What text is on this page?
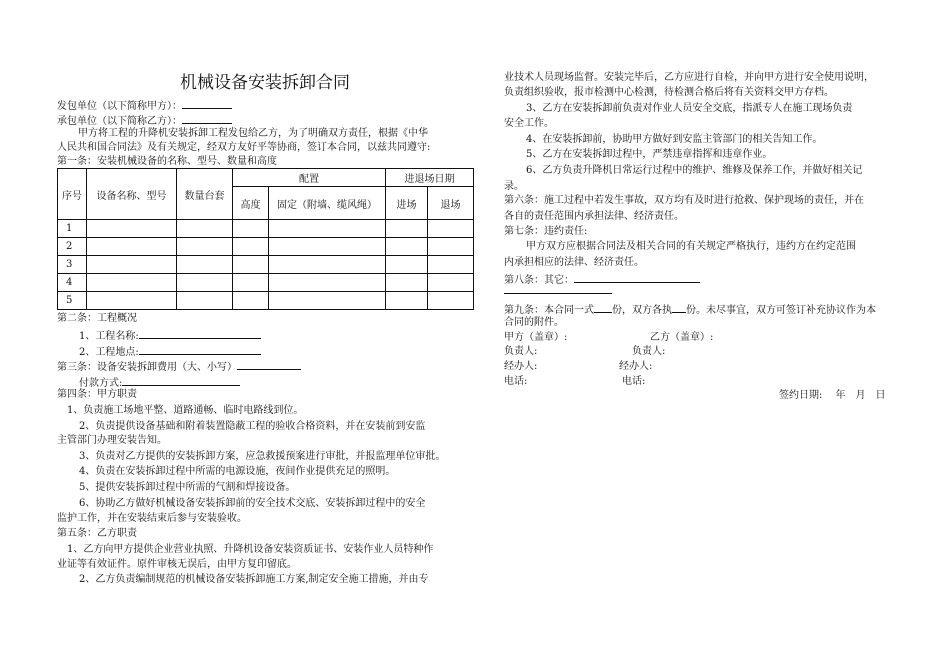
机械设备安装拆卸合同
发包单位（以下简称甲方）：
承包单位（以下简称乙方）：
甲方将工程的升降机安装拆卸工程发包给乙方，为了明确双方责任，根据《中华
人民共和国合同法》及有关规定，经双方友好平等协商，签订本合同，以兹共同遵守:
第一条：安装机械设备的名称、型号、数量和高度
序号	设备名称、型号	数量台套	配置		进退场日期	
			高度	固定（附墙、缆风绳）	进场	退场
1						
2						
3						
4						
5						
第二条：工程概况
1、工程名称:
2、工程地点:
第三条：设备安装拆卸费用（大、小写）
付款方式:
第四条：甲方职责
1、负责施工场地平整、道路通畅、临时电路线到位。
2、负责提供设备基础和附着装置隐蔽工程的验收合格资料，并在安装前到安监
主管部门办理安装告知。
3、负责对乙方提供的安装拆卸方案，应急救援预案进行审批，并报监理单位审批。
4、负责在安装拆卸过程中所需的电源设施，夜间作业提供充足的照明。
5、提供安装拆卸过程中所需的气割和焊接设备。
6、协助乙方做好机械设备安装拆卸前的安全技术交底、安装拆卸过程中的安全
监护工作，并在安装结束后参与安装验收。
第五条：乙方职责
1、乙方向甲方提供企业营业执照、升降机设备安装资质证书、安装作业人员特种作
业证等有效证件。原件审核无误后，由甲方复印留底。
2、乙方负责编制规范的机械设备安装拆卸施工方案,制定安全施工措施，并由专
业技术人员现场监督。安装完毕后，乙方应进行自检，并向甲方进行安全使用说明，
负责组织验收，报市检测中心检测，待检测合格后将有关资料交甲方存档。
3、乙方在安装拆卸前负责对作业人员安全交底，指派专人在施工现场负责
安全工作。
4、在安装拆卸前，协助甲方做好到安监主管部门的相关告知工作。
5、乙方在安装拆卸过程中，严禁违章指挥和违章作业。
6、乙方负责升降机日常运行过程中的维护、维修及保养工作，并做好相关记
录。
第六条：施工过程中若发生事故，双方均有及时进行抢救、保护现场的责任，并在
各自的责任范围内承担法律、经济责任。
第七条：违约责任:
甲方双方应根据合同法及相关合同的有关规定严格执行，违约方在约定范围
内承担相应的法律、经济责任。
第八条：其它：
第九条：本合同一式 份，双方各执 份。未尽事宜，双方可签订补充协议作为本
合同的附件。
甲方（盖章）:	乙方（盖章）:
负责人:	负责人:
经办人:	经办人:
电话:	电话:
签约日期:　 年　月　日
